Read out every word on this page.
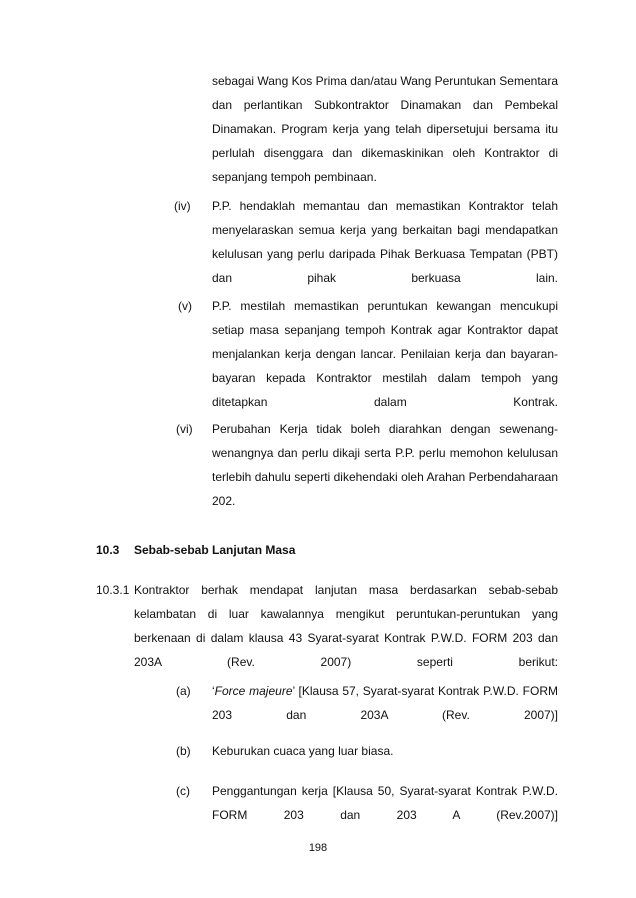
sebagai Wang Kos Prima dan/atau Wang Peruntukan Sementara
dan perlantikan Subkontraktor Dinamakan dan Pembekal
Dinamakan. Program kerja yang telah dipersetujui bersama itu
perlulah disenggara dan dikemaskinikan oleh Kontraktor di
sepanjang tempoh pembinaan.
(iv) P.P. hendaklah memantau dan memastikan Kontraktor telah
menyelaraskan semua kerja yang berkaitan bagi mendapatkan
kelulusan yang perlu daripada Pihak Berkuasa Tempatan (PBT)
dan pihak berkuasa lain.
(v) P.P. mestilah memastikan peruntukan kewangan mencukupi
setiap masa sepanjang tempoh Kontrak agar Kontraktor dapat
menjalankan kerja dengan lancar. Penilaian kerja dan bayaran-
bayaran kepada Kontraktor mestilah dalam tempoh yang
ditetapkan dalam Kontrak.
(vi) Perubahan Kerja tidak boleh diarahkan dengan sewenang-
wenangnya dan perlu dikaji serta P.P. perlu memohon kelulusan
terlebih dahulu seperti dikehendaki oleh Arahan Perbendaharaan
202.
10.3 Sebab-sebab Lanjutan Masa
10.3.1 Kontraktor berhak mendapat lanjutan masa berdasarkan sebab-sebab
kelambatan di luar kawalannya mengikut peruntukan-peruntukan yang
berkenaan di dalam klausa 43 Syarat-syarat Kontrak P.W.D. FORM 203 dan
203A (Rev. 2007) seperti berikut:
(a) ‘Force majeure’ [Klausa 57, Syarat-syarat Kontrak P.W.D. FORM
203 dan 203A (Rev. 2007)]
(b) Keburukan cuaca yang luar biasa.
(c) Penggantungan kerja [Klausa 50, Syarat-syarat Kontrak P.W.D.
FORM 203 dan 203 A (Rev.2007)]
198
